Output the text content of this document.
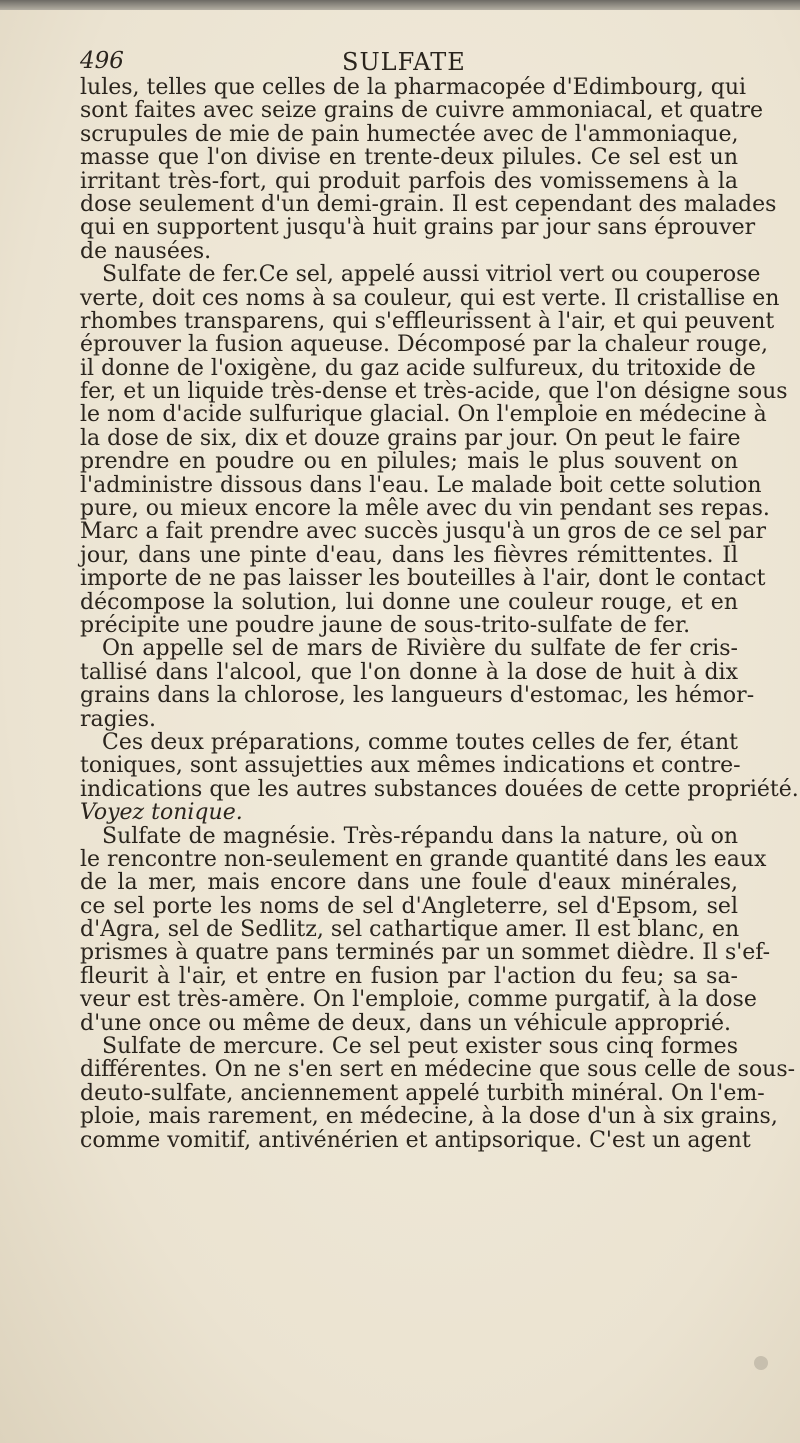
496	SULFATE
lules, telles que celles de la pharmacopée d'Edimbourg, qui
sont faites avec seize grains de cuivre ammoniacal, et quatre
scrupules de mie de pain humectée avec de l'ammoniaque,
masse que l'on divise en trente-deux pilules. Ce sel est un
irritant très-fort, qui produit parfois des vomissemens à la
dose seulement d'un demi-grain. Il est cependant des malades
qui en supportent jusqu'à huit grains par jour sans éprouver
de nausées.
Sulfate de fer.Ce sel, appelé aussi vitriol vert ou couperose
verte, doit ces noms à sa couleur, qui est verte. Il cristallise en
rhombes transparens, qui s'effleurissent à l'air, et qui peuvent
éprouver la fusion aqueuse. Décomposé par la chaleur rouge,
il donne de l'oxigène, du gaz acide sulfureux, du tritoxide de
fer, et un liquide très-dense et très-acide, que l'on désigne sous
le nom d'acide sulfurique glacial. On l'emploie en médecine à
la dose de six, dix et douze grains par jour. On peut le faire
prendre en poudre ou en pilules; mais le plus souvent on
l'administre dissous dans l'eau. Le malade boit cette solution
pure, ou mieux encore la mêle avec du vin pendant ses repas.
Marc a fait prendre avec succès jusqu'à un gros de ce sel par
jour, dans une pinte d'eau, dans les fièvres rémittentes. Il
importe de ne pas laisser les bouteilles à l'air, dont le contact
décompose la solution, lui donne une couleur rouge, et en
précipite une poudre jaune de sous-trito-sulfate de fer.
On appelle sel de mars de Rivière du sulfate de fer cris-
tallisé dans l'alcool, que l'on donne à la dose de huit à dix
grains dans la chlorose, les langueurs d'estomac, les hémor-
ragies.
Ces deux préparations, comme toutes celles de fer, étant
toniques, sont assujetties aux mêmes indications et contre-
indications que les autres substances douées de cette propriété.
Voyez tonique.
Sulfate de magnésie. Très-répandu dans la nature, où on
le rencontre non-seulement en grande quantité dans les eaux
de la mer, mais encore dans une foule d'eaux minérales,
ce sel porte les noms de sel d'Angleterre, sel d'Epsom, sel
d'Agra, sel de Sedlitz, sel cathartique amer. Il est blanc, en
prismes à quatre pans terminés par un sommet dièdre. Il s'ef-
fleurit à l'air, et entre en fusion par l'action du feu; sa sa-
veur est très-amère. On l'emploie, comme purgatif, à la dose
d'une once ou même de deux, dans un véhicule approprié.
Sulfate de mercure. Ce sel peut exister sous cinq formes
différentes. On ne s'en sert en médecine que sous celle de sous-
deuto-sulfate, anciennement appelé turbith minéral. On l'em-
ploie, mais rarement, en médecine, à la dose d'un à six grains,
comme vomitif, antivénérien et antipsorique. C'est un agent
